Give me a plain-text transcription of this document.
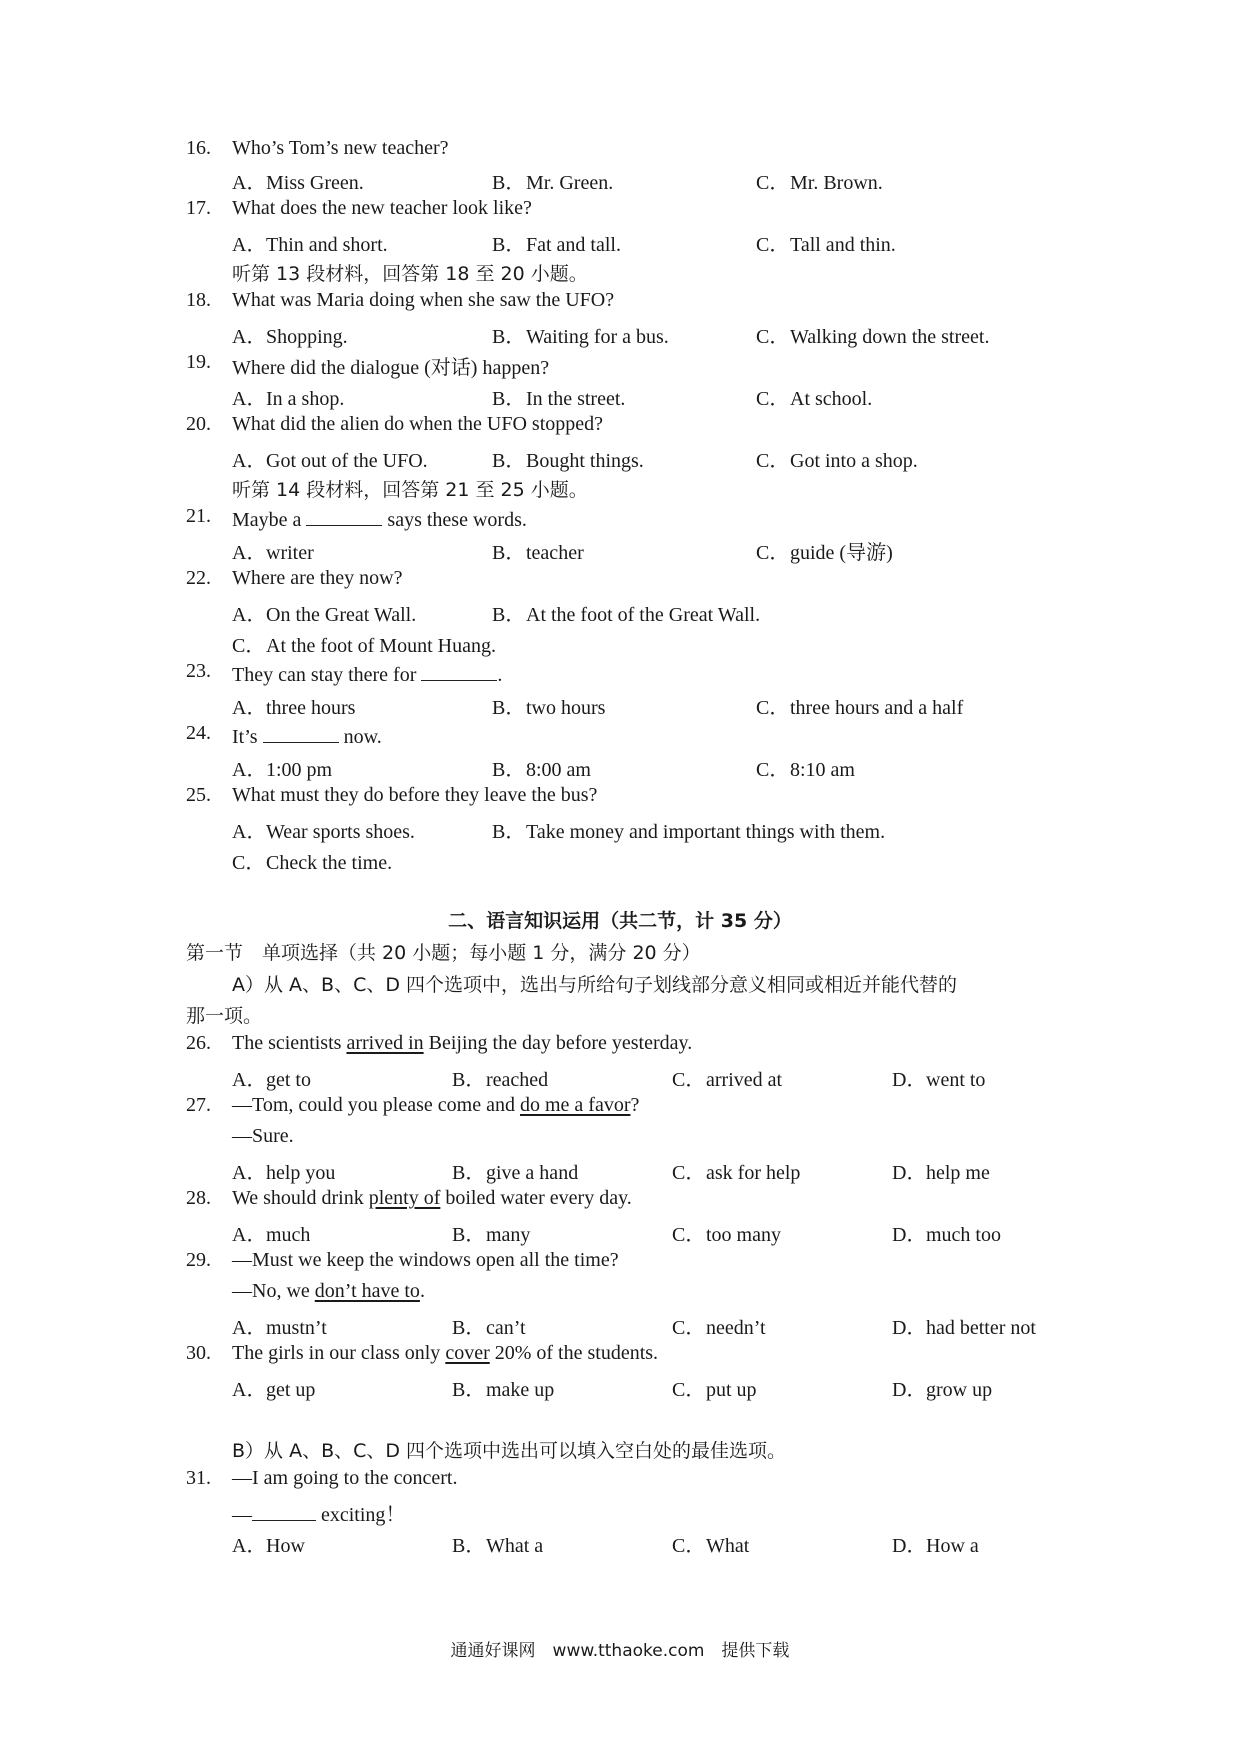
16. Who’s Tom’s new teacher?
A．Miss Green.	B．Mr. Green.	C．Mr. Brown.
17. What does the new teacher look like?
A．Thin and short.	B．Fat and tall.	C．Tall and thin.
听第 13 段材料，回答第 18 至 20 小题。
18. What was Maria doing when she saw the UFO?
A．Shopping.	B．Waiting for a bus.	C．Walking down the street.
19. Where did the dialogue (对话) happen?
A．In a shop.	B．In the street.	C．At school.
20. What did the alien do when the UFO stopped?
A．Got out of the UFO.	B．Bought things.	C．Got into a shop.
听第 14 段材料，回答第 21 至 25 小题。
21. Maybe a	says these words.
A．writer	B．teacher	C．guide (导游)
22. Where are they now?
A．On the Great Wall.	B．At the foot of the Great Wall.
C．At the foot of Mount Huang.
23. They can stay there for	.
A．three hours	B．two hours	C．three hours and a half
24. It’s	now.
A．1:00 pm	B．8:00 am	C．8:10 am
25. What must they do before they leave the bus?
A．Wear sports shoes.	B．Take money and important things with them.
C．Check the time.
二、语言知识运用（共二节，计 35 分）
第一节　单项选择（共 20 小题；每小题 1 分，满分 20 分）
A）从 A、B、C、D 四个选项中，选出与所给句子划线部分意义相同或相近并能代替的
那一项。
26. The scientists arrived in Beijing the day before yesterday.
A．get to	B．reached	C．arrived at	D．went to
27. —Tom, could you please come and do me a favor?
—Sure.
A．help you	B．give a hand	C．ask for help	D．help me
28. We should drink plenty of boiled water every day.
A．much	B．many	C．too many	D．much too
29. —Must we keep the windows open all the time?
—No, we don’t have to.
A．mustn’t	B．can’t	C．needn’t	D．had better not
30. The girls in our class only cover 20% of the students.
A．get up	B．make up	C．put up	D．grow up
B）从 A、B、C、D 四个选项中选出可以填入空白处的最佳选项。
31. —I am going to the concert.
—	exciting！
A．How	B．What a	C．What	D．How a
通通好课网　www.tthaoke.com　提供下载
